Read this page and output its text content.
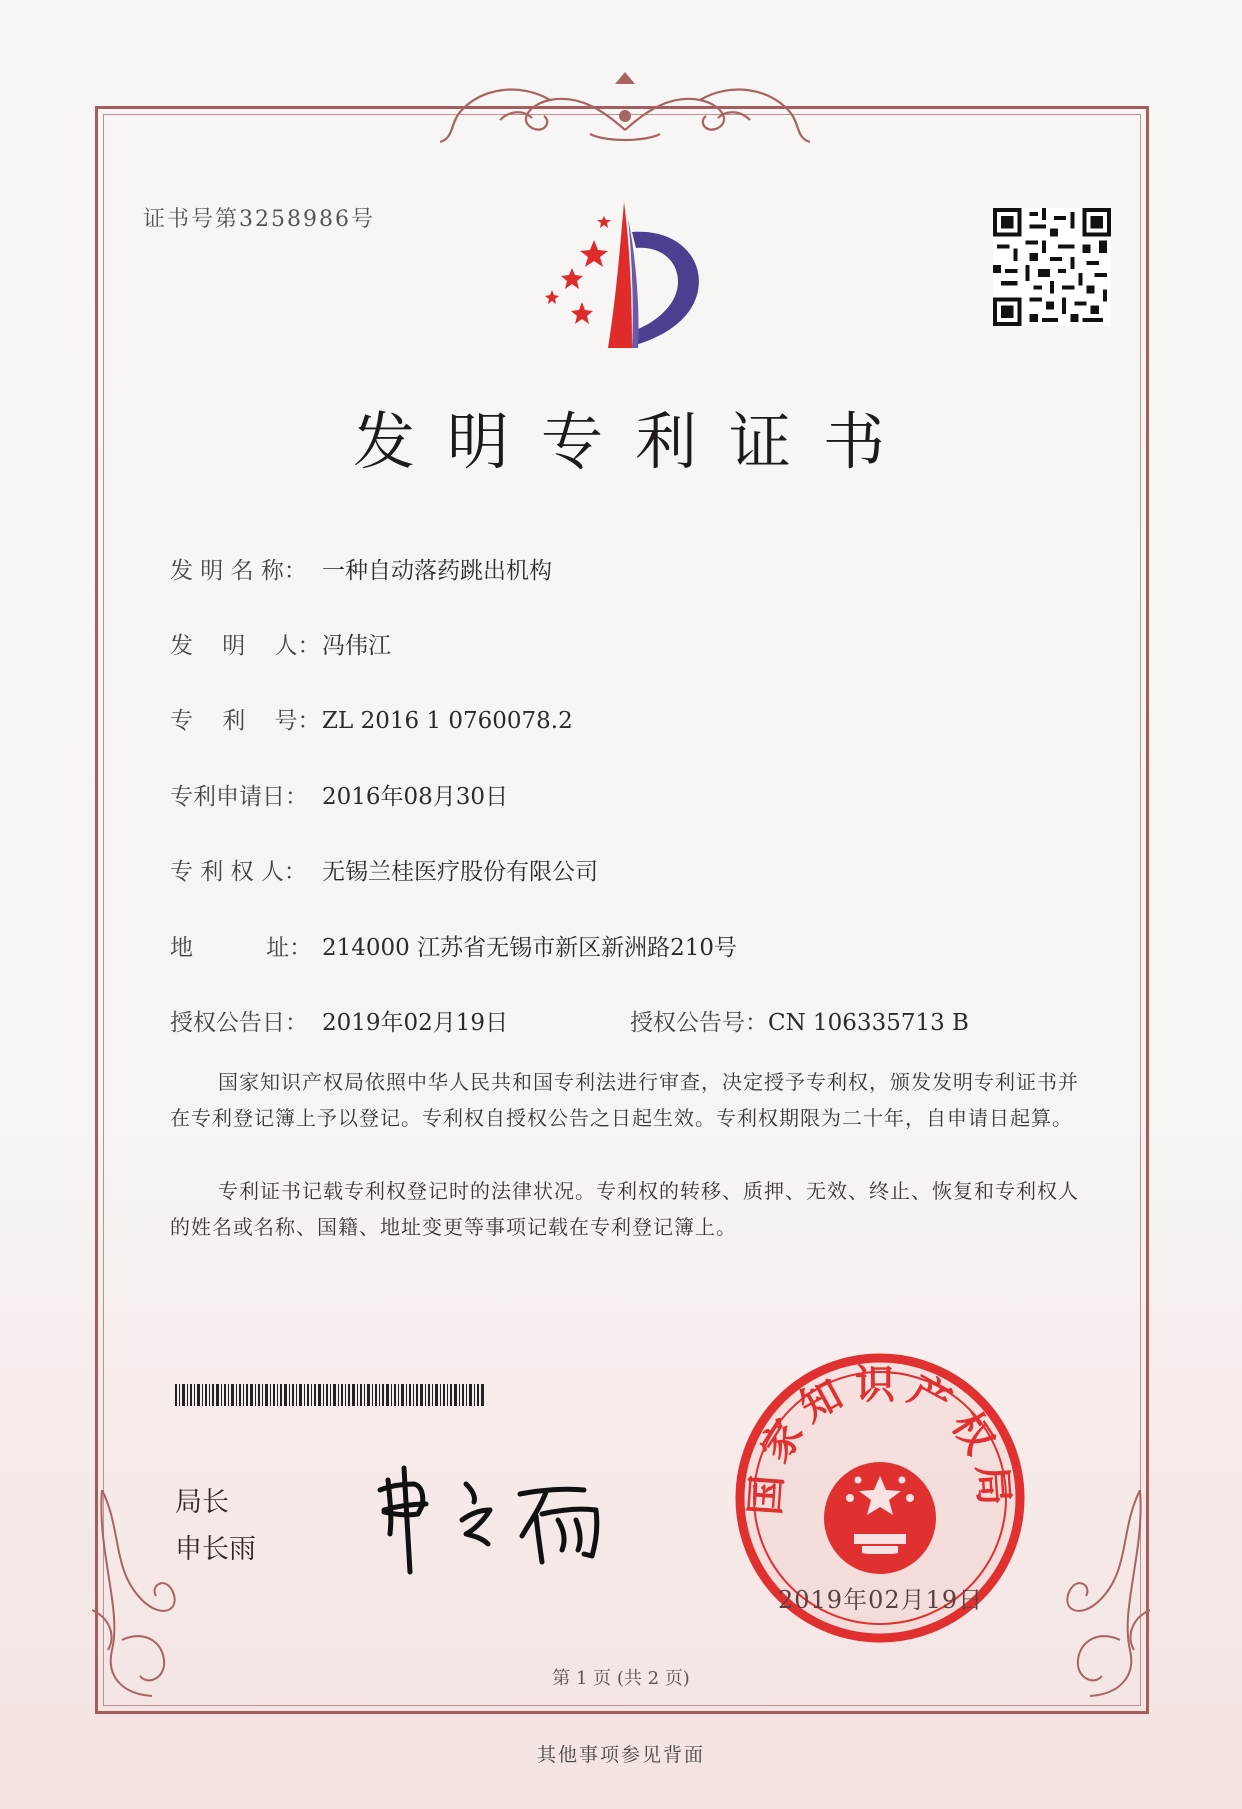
证书号第3258986号
发明专利证书
发 明 名 称： 一种自动落药跳出机构
发    明    人：冯伟江
专    利    号：ZL 2016 1 0760078.2
专利申请日： 2016年08月30日
专 利 权 人： 无锡兰桂医疗股份有限公司
地          址： 214000 江苏省无锡市新区新洲路210号
授权公告日： 2019年02月19日	授权公告号：CN 106335713 B
国家知识产权局依照中华人民共和国专利法进行审查，决定授予专利权，颁发发明专利证书并在专利登记簿上予以登记。专利权自授权公告之日起生效。专利权期限为二十年，自申请日起算。
专利证书记载专利权登记时的法律状况。专利权的转移、质押、无效、终止、恢复和专利权人的姓名或名称、国籍、地址变更等事项记载在专利登记簿上。
局长
申长雨
国家知识产权局
2019年02月19日
第 1 页 (共 2 页)
其他事项参见背面
